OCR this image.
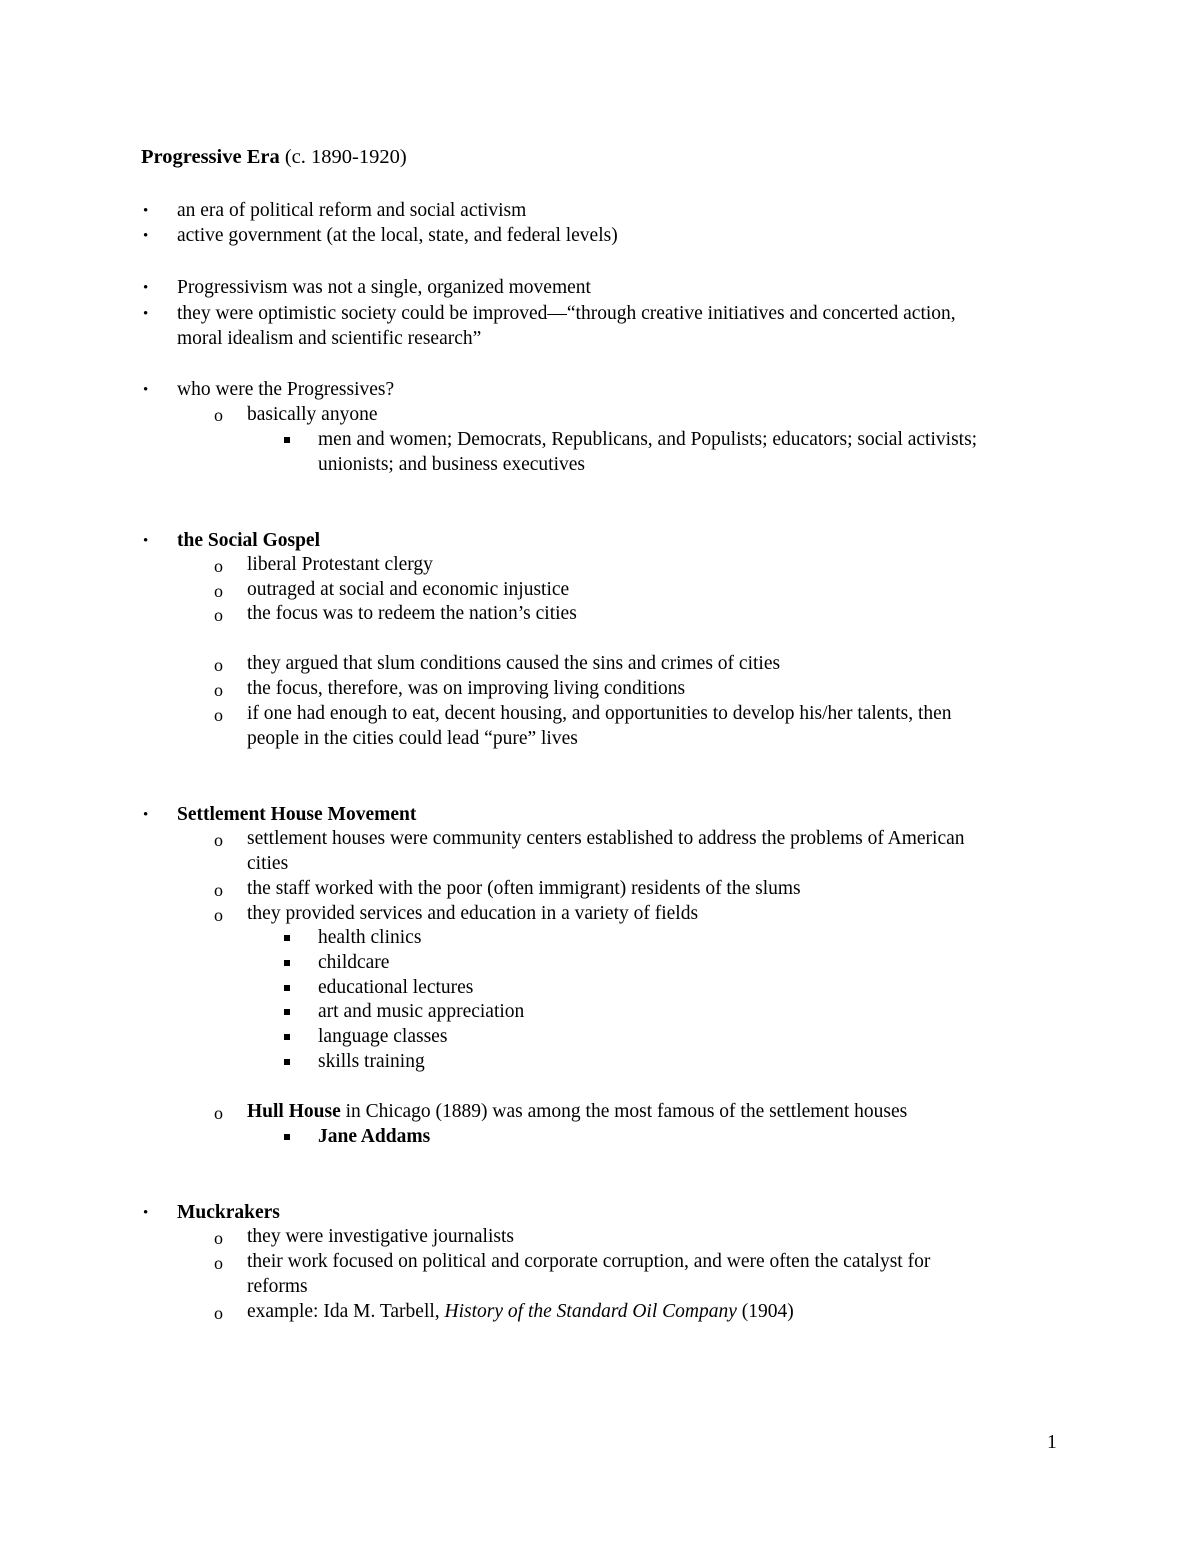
Progressive Era (c. 1890-1920)
• an era of political reform and social activism
• active government (at the local, state, and federal levels)
• Progressivism was not a single, organized movement
• they were optimistic society could be improved—“through creative initiatives and concerted action,
moral idealism and scientific research”
• who were the Progressives?
o basically anyone
men and women; Democrats, Republicans, and Populists; educators; social activists;
unionists; and business executives
• the Social Gospel
o liberal Protestant clergy
o outraged at social and economic injustice
o the focus was to redeem the nation’s cities
o they argued that slum conditions caused the sins and crimes of cities
o the focus, therefore, was on improving living conditions
o if one had enough to eat, decent housing, and opportunities to develop his/her talents, then
people in the cities could lead “pure” lives
• Settlement House Movement
o settlement houses were community centers established to address the problems of American
cities
o the staff worked with the poor (often immigrant) residents of the slums
o they provided services and education in a variety of fields
health clinics
childcare
educational lectures
art and music appreciation
language classes
skills training
o Hull House in Chicago (1889) was among the most famous of the settlement houses
Jane Addams
• Muckrakers
o they were investigative journalists
o their work focused on political and corporate corruption, and were often the catalyst for
reforms
o example: Ida M. Tarbell, History of the Standard Oil Company (1904)
1
